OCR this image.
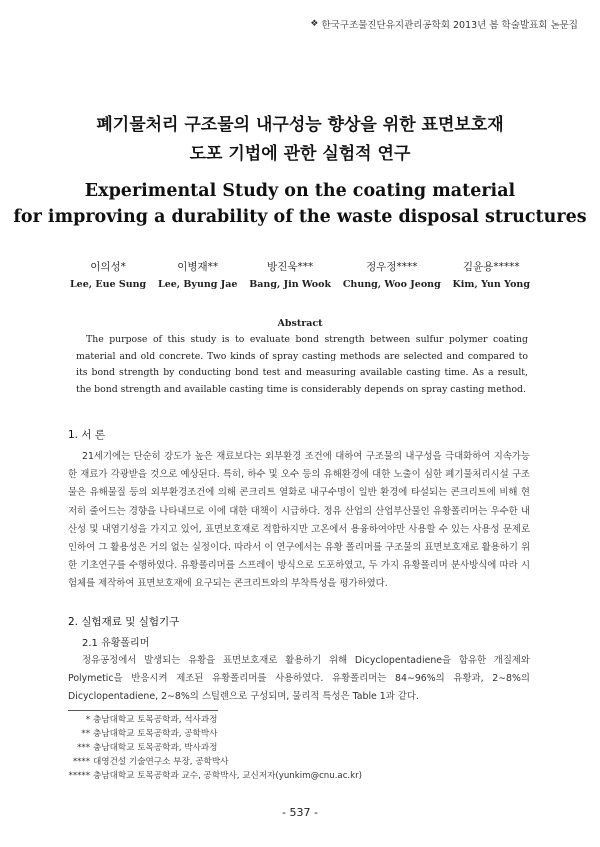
❖ 한국구조물진단유지관리공학회 2013년 봄 학술발표회 논문집
폐기물처리 구조물의 내구성능 향상을 위한 표면보호재
도포 기법에 관한 실험적 연구
Experimental Study on the coating material
for improving a durability of the waste disposal structures
이의성*
Lee, Eue Sung
이병재**
Lee, Byung Jae
방진욱***
Bang, Jin Wook
정우정****
Chung, Woo Jeong
김윤용*****
Kim, Yun Yong
Abstract
The purpose of this study is to evaluate bond strength between sulfur polymer coating material and old concrete. Two kinds of spray casting methods are selected and compared to its bond strength by conducting bond test and measuring available casting time. As a result, the bond strength and available casting time is considerably depends on spray casting method.
1. 서 론
21세기에는 단순히 강도가 높은 재료보다는 외부환경 조건에 대하여 구조물의 내구성을 극대화하여 지속가능한 재료가 각광받을 것으로 예상된다. 특히, 하수 및 오수 등의 유해환경에 대한 노출이 심한 폐기물처리시설 구조물은 유해물질 등의 외부환경조건에 의해 콘크리트 열화로 내구수명이 일반 환경에 타설되는 콘크리트에 비해 현저히 줄어드는 경향을 나타내므로 이에 대한 대책이 시급하다. 정유 산업의 산업부산물인 유황폴리머는 우수한 내산성 및 내염기성을 가지고 있어, 표면보호재로 적합하지만 고온에서 용융하여야만 사용할 수 있는 사용성 문제로 인하여 그 활용성은 거의 없는 실정이다. 따라서 이 연구에서는 유황 폴리머를 구조물의 표면보호재로 활용하기 위한 기초연구를 수행하였다. 유황폴리머를 스프레이 방식으로 도포하였고, 두 가지 유황폴리머 분사방식에 따라 시험체를 제작하여 표면보호재에 요구되는 콘크리트와의 부착특성을 평가하였다.
2. 실험재료 및 실험기구
2.1 유황폴리머
정유공정에서 발생되는 유황을 표면보호재로 활용하기 위해 Dicyclopentadiene을 함유한 개질제와 Polymetic을 반응시켜 제조된 유황폴리머를 사용하였다. 유황폴리머는 84∼96%의 유황과, 2∼8%의 Dicyclopentadiene, 2∼8%의 스틸렌으로 구성되며, 물리적 특성은 Table 1과 같다.
* 충남대학교 토목공학과, 석사과정
** 충남대학교 토목공학과, 공학박사
*** 충남대학교 토목공학과, 박사과정
**** 대영건설 기술연구소 부장, 공학박사
***** 충남대학교 토목공학과 교수, 공학박사, 교신저자(yunkim@cnu.ac.kr)
- 537 -
